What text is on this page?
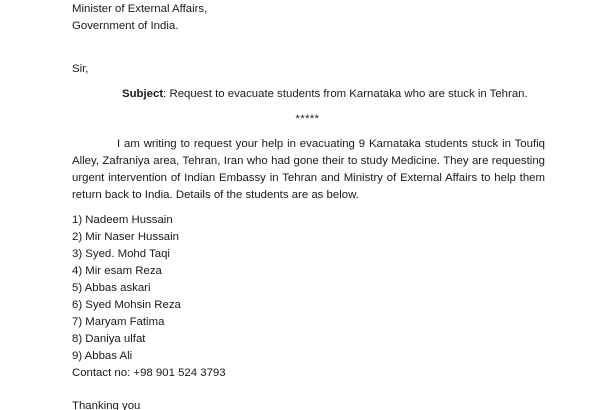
Minister of External Affairs,
Government of India.
Sir,
Subject: Request to evacuate students from Karnataka who are stuck in Tehran.
*****
I am writing to request your help in evacuating 9 Karnataka students stuck in Toufiq Alley, Zafraniya area, Tehran, Iran who had gone their to study Medicine. They are requesting urgent intervention of Indian Embassy in Tehran and Ministry of External Affairs to help them return back to India. Details of the students are as below.
1) Nadeem Hussain
2) Mir Naser Hussain
3) Syed. Mohd Taqi
4) Mir esam Reza
5) Abbas askari
6) Syed Mohsin Reza
7) Maryam Fatima
8) Daniya ulfat
9) Abbas Ali
Contact no: +98 901 524 3793
Thanking you
